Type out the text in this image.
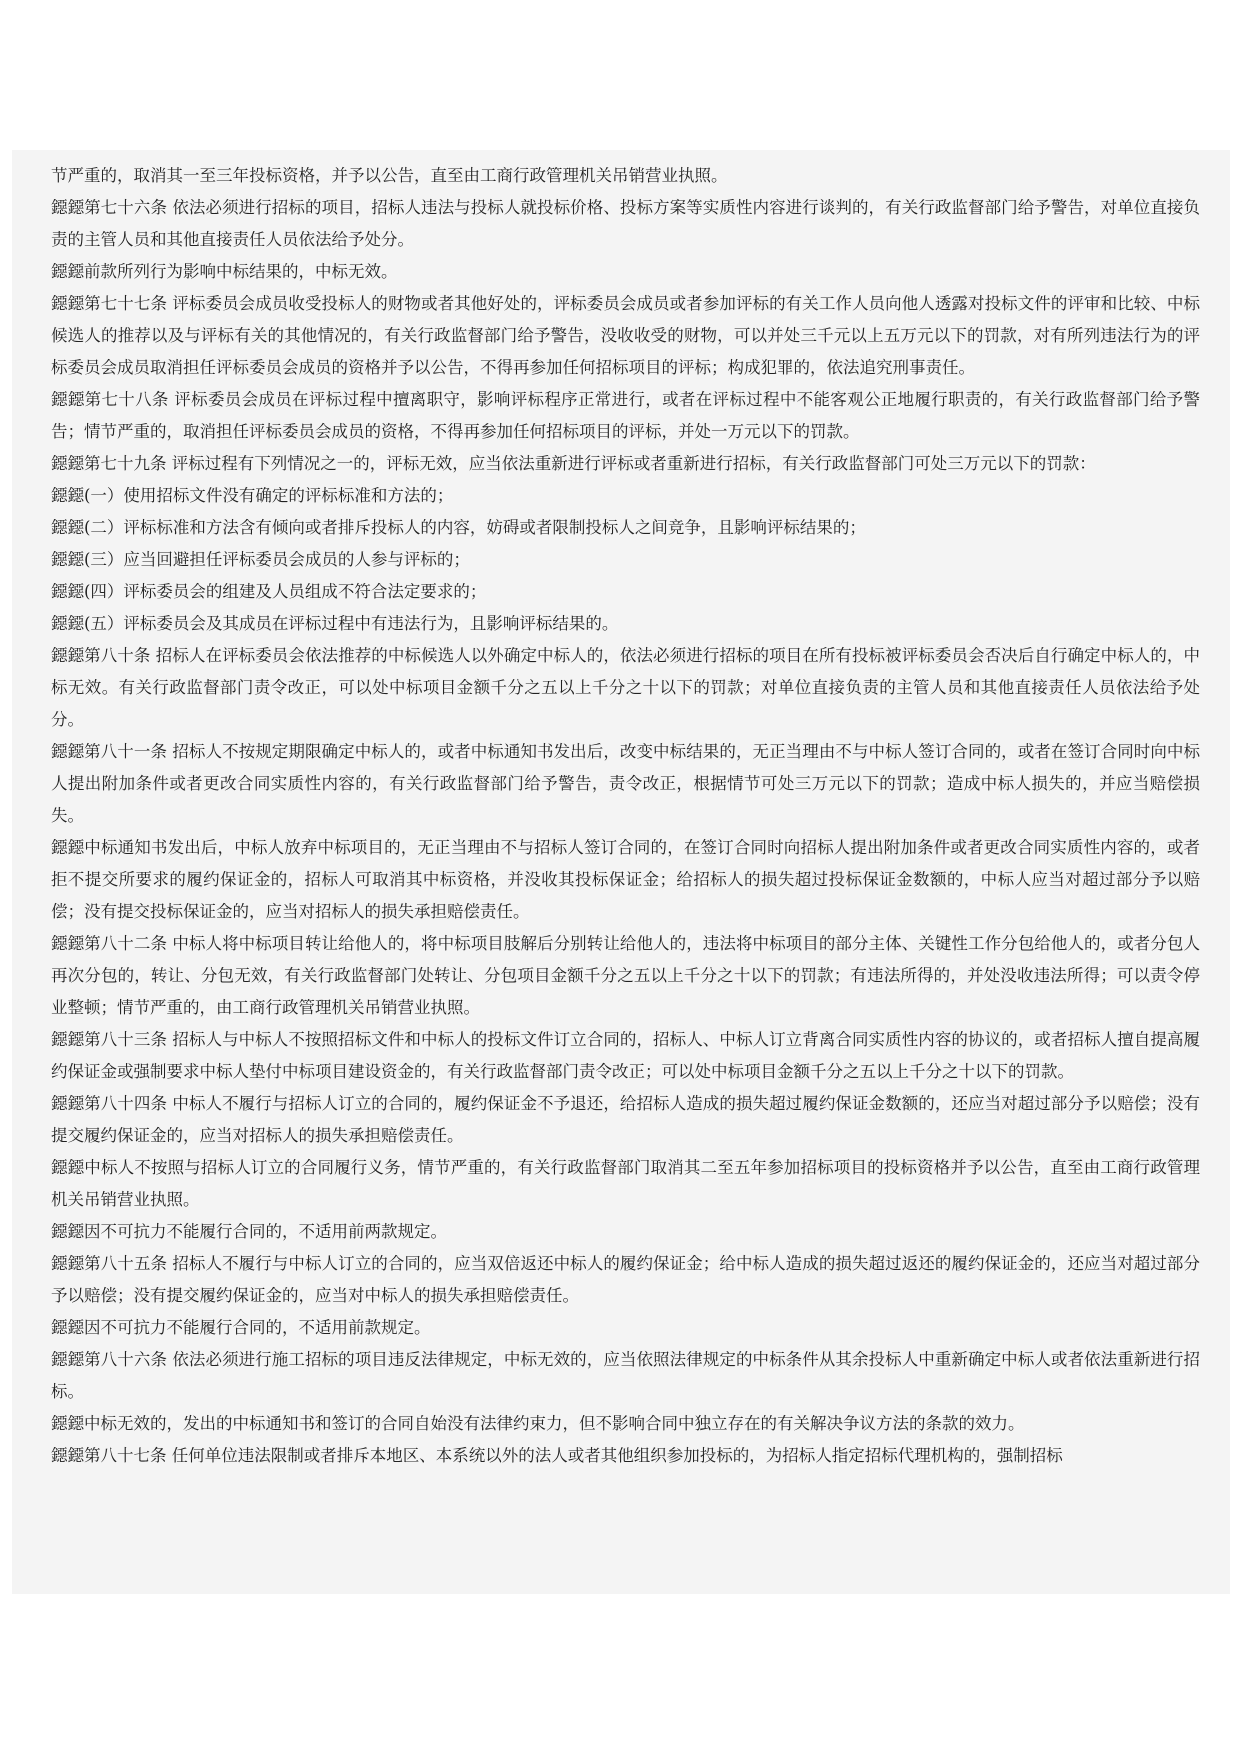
节严重的，取消其一至三年投标资格，并予以公告，直至由工商行政管理机关吊销营业执照。

鐚鐚第七十六条 依法必须进行招标的项目，招标人违法与投标人就投标价格、投标方案等实质性内容进行谈判的，有关行政监督部门给予警告，对单位直接负责的主管人员和其他直接责任人员依法给予处分。

鐚鐚前款所列行为影响中标结果的，中标无效。

鐚鐚第七十七条 评标委员会成员收受投标人的财物或者其他好处的，评标委员会成员或者参加评标的有关工作人员向他人透露对投标文件的评审和比较、中标候选人的推荐以及与评标有关的其他情况的，有关行政监督部门给予警告，没收收受的财物，可以并处三千元以上五万元以下的罚款，对有所列违法行为的评标委员会成员取消担任评标委员会成员的资格并予以公告，不得再参加任何招标项目的评标；构成犯罪的，依法追究刑事责任。

鐚鐚第七十八条 评标委员会成员在评标过程中擅离职守，影响评标程序正常进行，或者在评标过程中不能客观公正地履行职责的，有关行政监督部门给予警告；情节严重的，取消担任评标委员会成员的资格，不得再参加任何招标项目的评标，并处一万元以下的罚款。

鐚鐚第七十九条 评标过程有下列情况之一的，评标无效，应当依法重新进行评标或者重新进行招标，有关行政监督部门可处三万元以下的罚款：

鐚鐚(一）使用招标文件没有确定的评标标准和方法的；

鐚鐚(二）评标标准和方法含有倾向或者排斥投标人的内容，妨碍或者限制投标人之间竞争，且影响评标结果的；

鐚鐚(三）应当回避担任评标委员会成员的人参与评标的；

鐚鐚(四）评标委员会的组建及人员组成不符合法定要求的；

鐚鐚(五）评标委员会及其成员在评标过程中有违法行为，且影响评标结果的。

鐚鐚第八十条 招标人在评标委员会依法推荐的中标候选人以外确定中标人的，依法必须进行招标的项目在所有投标被评标委员会否决后自行确定中标人的，中标无效。有关行政监督部门责令改正，可以处中标项目金额千分之五以上千分之十以下的罚款；对单位直接负责的主管人员和其他直接责任人员依法给予处分。

鐚鐚第八十一条 招标人不按规定期限确定中标人的，或者中标通知书发出后，改变中标结果的，无正当理由不与中标人签订合同的，或者在签订合同时向中标人提出附加条件或者更改合同实质性内容的，有关行政监督部门给予警告，责令改正，根据情节可处三万元以下的罚款；造成中标人损失的，并应当赔偿损失。

鐚鐚中标通知书发出后，中标人放弃中标项目的，无正当理由不与招标人签订合同的，在签订合同时向招标人提出附加条件或者更改合同实质性内容的，或者拒不提交所要求的履约保证金的，招标人可取消其中标资格，并没收其投标保证金；给招标人的损失超过投标保证金数额的，中标人应当对超过部分予以赔偿；没有提交投标保证金的，应当对招标人的损失承担赔偿责任。

鐚鐚第八十二条 中标人将中标项目转让给他人的，将中标项目肢解后分别转让给他人的，违法将中标项目的部分主体、关键性工作分包给他人的，或者分包人再次分包的，转让、分包无效，有关行政监督部门处转让、分包项目金额千分之五以上千分之十以下的罚款；有违法所得的，并处没收违法所得；可以责令停业整顿；情节严重的，由工商行政管理机关吊销营业执照。

鐚鐚第八十三条 招标人与中标人不按照招标文件和中标人的投标文件订立合同的，招标人、中标人订立背离合同实质性内容的协议的，或者招标人擅自提高履约保证金或强制要求中标人垫付中标项目建设资金的，有关行政监督部门责令改正；可以处中标项目金额千分之五以上千分之十以下的罚款。

鐚鐚第八十四条 中标人不履行与招标人订立的合同的，履约保证金不予退还，给招标人造成的损失超过履约保证金数额的，还应当对超过部分予以赔偿；没有提交履约保证金的，应当对招标人的损失承担赔偿责任。

鐚鐚中标人不按照与招标人订立的合同履行义务，情节严重的，有关行政监督部门取消其二至五年参加招标项目的投标资格并予以公告，直至由工商行政管理机关吊销营业执照。

鐚鐚因不可抗力不能履行合同的，不适用前两款规定。

鐚鐚第八十五条 招标人不履行与中标人订立的合同的，应当双倍返还中标人的履约保证金；给中标人造成的损失超过返还的履约保证金的，还应当对超过部分予以赔偿；没有提交履约保证金的，应当对中标人的损失承担赔偿责任。

鐚鐚因不可抗力不能履行合同的，不适用前款规定。

鐚鐚第八十六条 依法必须进行施工招标的项目违反法律规定，中标无效的，应当依照法律规定的中标条件从其余投标人中重新确定中标人或者依法重新进行招标。

鐚鐚中标无效的，发出的中标通知书和签订的合同自始没有法律约束力，但不影响合同中独立存在的有关解决争议方法的条款的效力。

鐚鐚第八十七条 任何单位违法限制或者排斥本地区、本系统以外的法人或者其他组织参加投标的，为招标人指定招标代理机构的，强制招标
